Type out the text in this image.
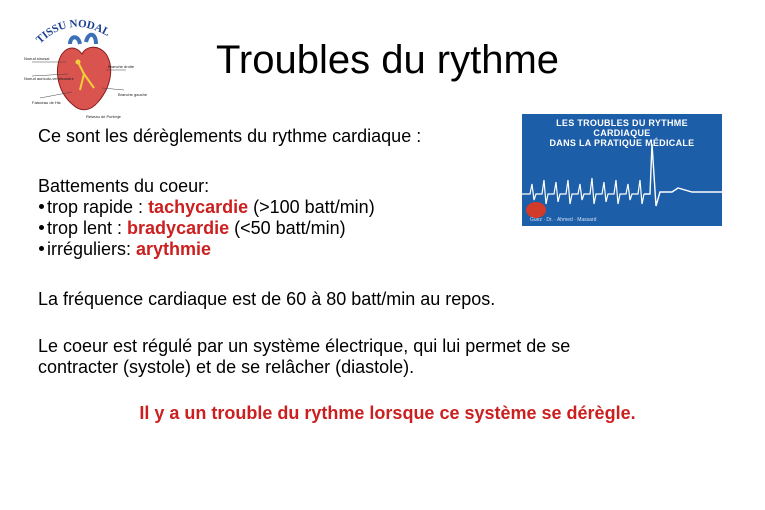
TISSU NODAL
Noeud sinusal
Noeud auriculo-ventriculaire
Faisceau de His
Branche droite
Branche gauche
Réseau de Purkinje
Troubles du rythme
LES TROUBLES DU RYTHME CARDIAQUE
DANS LA PRATIQUE MÉDICALE
Guez · Dr. · Ahmed · Massard
Ce sont les dérèglements du rythme cardiaque :
Battements du coeur:
trop rapide : tachycardie (>100 batt/min)
trop lent : bradycardie (<50 batt/min)
irréguliers: arythmie
La fréquence cardiaque est de 60 à 80 batt/min au repos.
Le coeur est régulé par un système électrique, qui lui permet de se
contracter (systole) et de se relâcher (diastole).
Il y a un trouble du rythme lorsque ce système se dérègle.
